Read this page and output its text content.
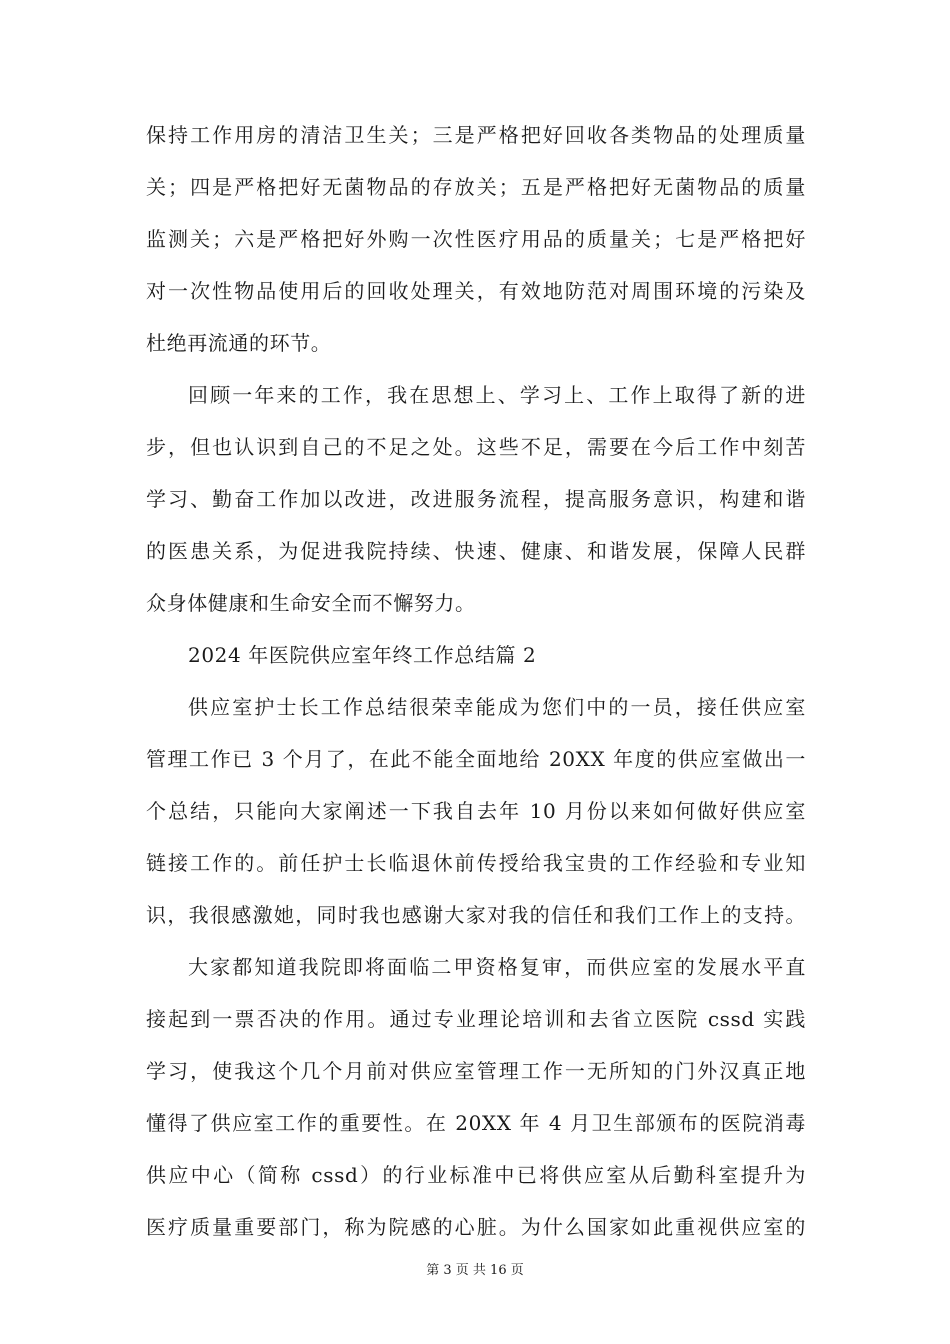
保持工作用房的清洁卫生关；三是严格把好回收各类物品的处理质量
关；四是严格把好无菌物品的存放关；五是严格把好无菌物品的质量
监测关；六是严格把好外购一次性医疗用品的质量关；七是严格把好
对一次性物品使用后的回收处理关，有效地防范对周围环境的污染及
杜绝再流通的环节。
回顾一年来的工作，我在思想上、学习上、工作上取得了新的进
步，但也认识到自己的不足之处。这些不足，需要在今后工作中刻苦
学习、勤奋工作加以改进，改进服务流程，提高服务意识，构建和谐
的医患关系，为促进我院持续、快速、健康、和谐发展，保障人民群
众身体健康和生命安全而不懈努力。
2024 年医院供应室年终工作总结篇 2
供应室护士长工作总结很荣幸能成为您们中的一员，接任供应室
管理工作已 3 个月了，在此不能全面地给 20XX 年度的供应室做出一
个总结，只能向大家阐述一下我自去年 10 月份以来如何做好供应室
链接工作的。前任护士长临退休前传授给我宝贵的工作经验和专业知
识，我很感激她，同时我也感谢大家对我的信任和我们工作上的支持。
大家都知道我院即将面临二甲资格复审，而供应室的发展水平直
接起到一票否决的作用。通过专业理论培训和去省立医院 cssd 实践
学习，使我这个几个月前对供应室管理工作一无所知的门外汉真正地
懂得了供应室工作的重要性。在 20XX 年 4 月卫生部颁布的医院消毒
供应中心（简称 cssd）的行业标准中已将供应室从后勤科室提升为
医疗质量重要部门，称为院感的心脏。为什么国家如此重视供应室的
第 3 页 共 16 页
